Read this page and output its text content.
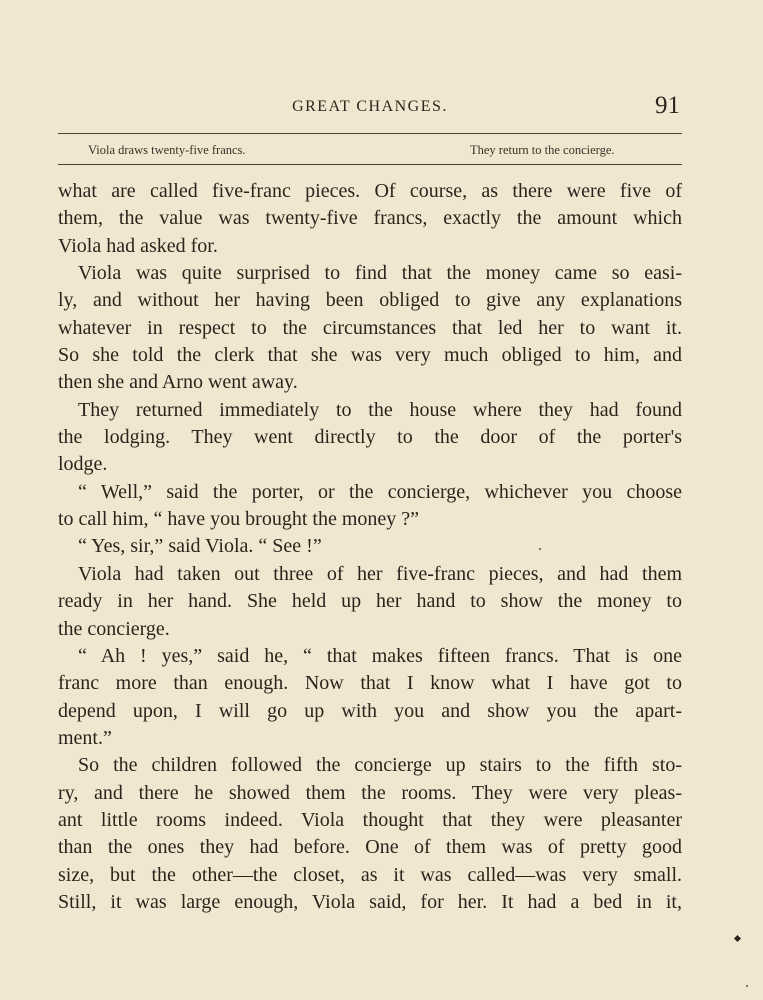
GREAT CHANGES.	91
Viola draws twenty-five francs.	They return to the concierge.
what are called five-franc pieces. Of course, as there were five of
them, the value was twenty-five francs, exactly the amount which
Viola had asked for.
Viola was quite surprised to find that the money came so easi-
ly, and without her having been obliged to give any explanations
whatever in respect to the circumstances that led her to want it.
So she told the clerk that she was very much obliged to him, and
then she and Arno went away.
They returned immediately to the house where they had found
the lodging. They went directly to the door of the porter's
lodge.
“ Well,” said the porter, or the concierge, whichever you choose
to call him, “ have you brought the money ?”
“ Yes, sir,” said Viola. “ See !”
Viola had taken out three of her five-franc pieces, and had them
ready in her hand. She held up her hand to show the money to
the concierge.
“ Ah ! yes,” said he, “ that makes fifteen francs. That is one
franc more than enough. Now that I know what I have got to
depend upon, I will go up with you and show you the apart-
ment.”
So the children followed the concierge up stairs to the fifth sto-
ry, and there he showed them the rooms. They were very pleas-
ant little rooms indeed. Viola thought that they were pleasanter
than the ones they had before. One of them was of pretty good
size, but the other—the closet, as it was called—was very small.
Still, it was large enough, Viola said, for her. It had a bed in it,
